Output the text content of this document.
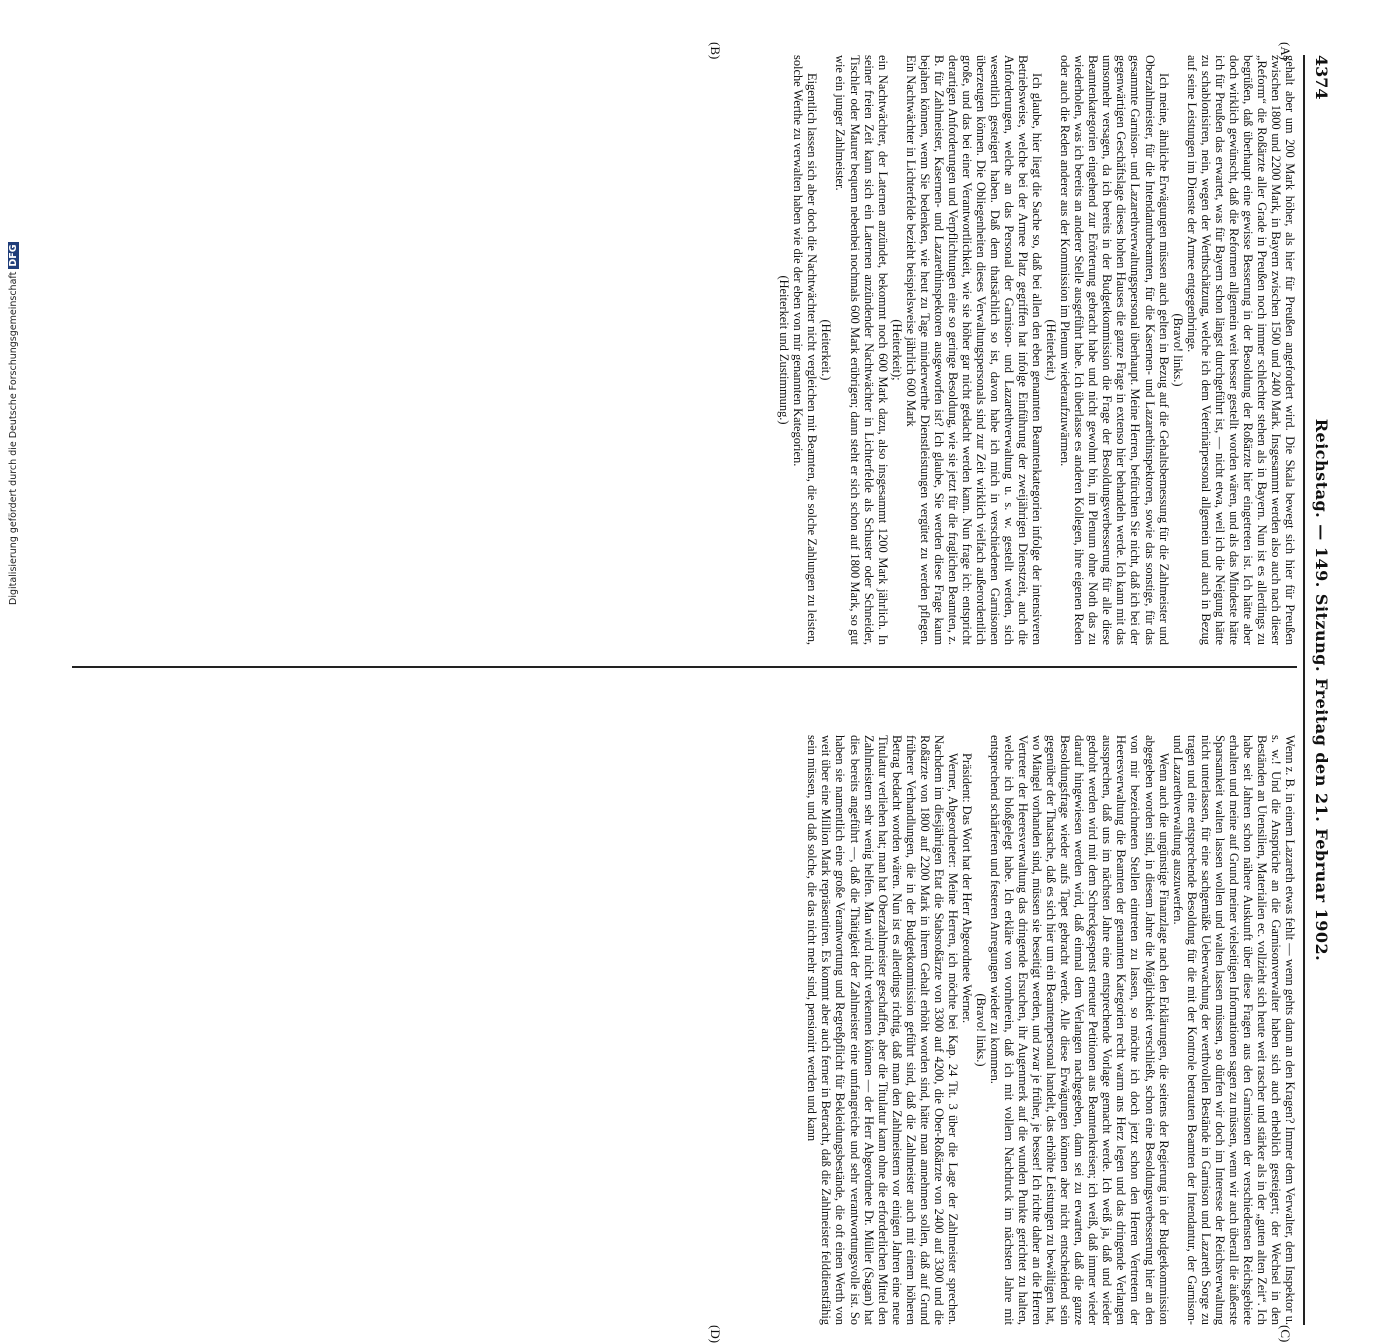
4374
Reichstag. — 149. Sitzung. Freitag den 21. Februar 1902.
(A)
(B)
(C)
(D)

gehalt aber um 200 Mark höher, als hier für Preußen angefordert wird. Die Skala bewegt sich hier für Preußen zwischen 1800 und 2200 Mark, in Bayern zwischen 1500 und 2400 Mark. Insgesammt werden also auch nach dieser „Reform“ die Roßärzte aller Grade in Preußen noch immer schlechter stehen als in Bayern. Nun ist es allerdings zu begrüßen, daß überhaupt eine gewisse Besserung in der Besoldung der Roßärzte hier eingetreten ist. Ich hätte aber doch wirklich gewünscht, daß die Reformen allgemein weit besser gestellt worden wären, und als das Mindeste hätte ich für Preußen das erwartet, was für Bayern schon längst durchgeführt ist, — nicht etwa, weil ich die Neigung hätte zu schablonisiren, nein, wegen der Werthschätzung, welche ich dem Veterinärpersonal allgemein und auch in Bezug auf seine Leistungen im Dienste der Armee entgegenbringe.

(Bravo! links.)

Ich meine, ähnliche Erwägungen müssen auch gelten in Bezug auf die Gehaltsbemessung für die Zahlmeister und Oberzahlmeister, für die Intendanturbeamten, für die Kasernen- und Lazarethinspektoren, sowie das sonstige, für das gesammte Garnison- und Lazarethverwaltungspersonal überhaupt. Meine Herren, befürchten Sie nicht, daß ich bei der gegenwärtigen Geschäftslage dieses hohen Hauses die ganze Frage in extenso hier behandeln werde. Ich kann mit das umsomehr versagen, da ich bereits in der Budgetkommission die Frage der Besoldungsverbesserung für alle diese Beamtenkategorien eingehend zur Erörterung gebracht habe und nicht gewohnt bin, im Plenum ohne Noth das zu wiederholen, was ich bereits an anderer Stelle ausgeführt habe. Ich überlasse es anderen Kollegen, ihre eigenen Reden oder auch die Reden anderer aus der Kommission im Plenum wiederaufzuwärmen.

(Heiterkeit.)

Ich glaube, hier liegt die Sache so, daß bei allen den eben genannten Beamtenkategorien infolge der intensiveren Betriebsweise, welche bei der Armee Platz gegriffen hat infolge Einführung der zweijährigen Dienstzeit, auch die Anforderungen, welche an das Personal der Garnison- und Lazarethverwaltung u. s. w. gestellt werden, sich wesentlich gesteigert haben. Daß dem thatsächlich so ist, davon habe ich mich in verschiedenen Garnisonen überzeugen können. Die Obliegenheiten dieses Verwaltungspersonals sind zur Zeit wirklich vielfach außerordentlich große, und das bei einer Verantwortlichkeit, wie sie höher gar nicht gedacht werden kann. Nun frage ich: entspricht derartigen Anforderungen und Verpflichtungen eine so geringe Besoldung, wie sie jetzt für die fraglichen Beamten, z. B. für Zahlmeister, Kasernen- und Lazarethinspektoren ausgeworfen ist? Ich glaube, Sie werden diese Frage kaum bejahen können, wenn Sie bedenken, wie heut zu Tage minderwerthe Dienstleistungen vergütet zu werden pflegen. Ein Nachtwächter in Lichterfelde bezieht beispielsweise jährlich 600 Mark

(Heiterkeit);

ein Nachtwächter, der Laternen anzündet, bekommt noch 600 Mark dazu, also insgesammt 1200 Mark jährlich. In seiner freien Zeit kann sich ein Laternen anzündender Nachtwächter in Lichterfelde als Schuster oder Schneider, Tischler oder Maurer bequem nebenbei nochmals 600 Mark erübrigen; dann steht er sich schon auf 1800 Mark, so gut wie ein junger Zahlmeister.

(Heiterkeit.)

Eigentlich lassen sich aber doch die Nachtwächter nicht vergleichen mit Beamten, die solche Zahlungen zu leisten, solche Werthe zu verwalten haben wie die der eben von mir genannten Kategorien.

(Heiterkeit und Zustimmung.)

Wenn z. B. in einem Lazareth etwas fehlt — wenn gehts dann an den Kragen? Immer dem Verwalter, dem Inspektor u. s. w.! Und die Ansprüche an die Garnisonverwalter haben sich auch erheblich gesteigert; der Wechsel in den Beständen an Utensilien, Materialien ec. vollzieht sich heute weit rascher und stärker als in der „guten alten Zeit“. Ich habe seit Jahren schon nähere Auskunft über diese Fragen aus den Garnisonen der verschiedensten Reichsgebiete erhalten und meine auf Grund meiner vielseitigen Informationen sagen zu müssen, wenn wir auch überall die äußerste Sparsamkeit walten lassen wollen und walten lassen müssen, so dürfen wir doch im Interesse der Reichsverwaltung nicht unterlassen, für eine sachgemäße Ueberwachung der werthvollen Bestände in Garnison und Lazareth Sorge zu tragen und eine entsprechende Besoldung für die mit der Kontrole betrauten Beamten der Intendantur, der Garnison- und Lazarethverwaltung auszuwerfen.

Wenn auch die ungünstige Finanzlage nach den Erklärungen, die seitens der Regierung in der Budgetkommission abgegeben worden sind, in diesem Jahre die Möglichkeit verschließt, schon eine Besoldungsverbesserung hier an den von mir bezeichneten Stellen eintreten zu lassen, so möchte ich doch jetzt schon den Herren Vertretern der Heeresverwaltung die Beamten der genannten Kategorien recht warm ans Herz legen und das dringende Verlangen aussprechen, daß uns im nächsten Jahre eine entsprechende Vorlage gemacht werde. Ich weiß ja, daß und wieder gedroht werden wird mit dem Schreckgespenst erneuter Petitionen aus Beamtenkreisen; ich weiß, daß immer wieder darauf hingewiesen werden wird, daß einmal dem Verlangen nachgegeben, dann sei zu erwarten, daß die ganze Besoldungsfrage wieder aufs Tapet gebracht werde. Alle diese Erwägungen können aber nicht entscheidend sein gegenüber der Thatsache, daß es sich hier um ein Beamtenpersonal handelt, das erhöhte Leistungen zu bewältigen hat, wo Mängel vorhanden sind, müssen sie beseitigt werden, und zwar je früher, je besser! Ich richte daher an die Herren Vertreter der Heeresverwaltung das dringende Ersuchen, ihr Augenmerk auf die wunden Punkte gerichtet zu halten, welche ich bloßgelegt habe. Ich erkläre von vornherein, daß ich mit vollem Nachdruck im nächsten Jahre mit entsprechend schärferen und festeren Anregungen wieder zu kommen.

(Bravo! links.)

Präsident: Das Wort hat der Herr Abgeordnete Werner.

Werner, Abgeordneter: Meine Herren, ich möchte bei Kap. 24 Tit. 3 über die Lage der Zahlmeister sprechen. Nachdem im diesjährigen Etat die Stabsroßärzte von 3300 auf 4200, die Ober-Roßärzte von 2400 auf 3300 und die Roßärzte von 1800 auf 2200 Mark in ihrem Gehalt erhöht worden sind, hätte man annehmen sollen, daß auf Grund früherer Verhandlungen, die in der Budgetkommission geführt sind, daß die Zahlmeister auch mit einem höheren Betrag bedacht worden wären. Nun ist es allerdings richtig, daß man den Zahlmeistern vor einigen Jahren eine neue Titulatur verliehen hat; man hat Oberzahlmeister geschaffen, aber die Titulatur kann ohne die erforderlichen Mittel den Zahlmeistern sehr wenig helfen. Man wird nicht verkennen können — der Herr Abgeordnete Dr. Müller (Sagan) hat dies bereits angeführt —, daß die Thätigkeit der Zahlmeister eine umfangreiche und sehr verantwortungsvolle ist. So haben sie namentlich eine große Verantwortung und Regreßpflicht für Bekleidungsbestände, die oft einen Werth von weit über eine Million Mark repräsentiren. Es kommt aber auch ferner in Betracht, daß die Zahlmeister felddienstfähig sein müssen, und daß solche, die das nicht mehr sind, pensionirt werden und kann

Digitalisierung gefördert durch die Deutsche Forschungsgemeinschaft DFG
